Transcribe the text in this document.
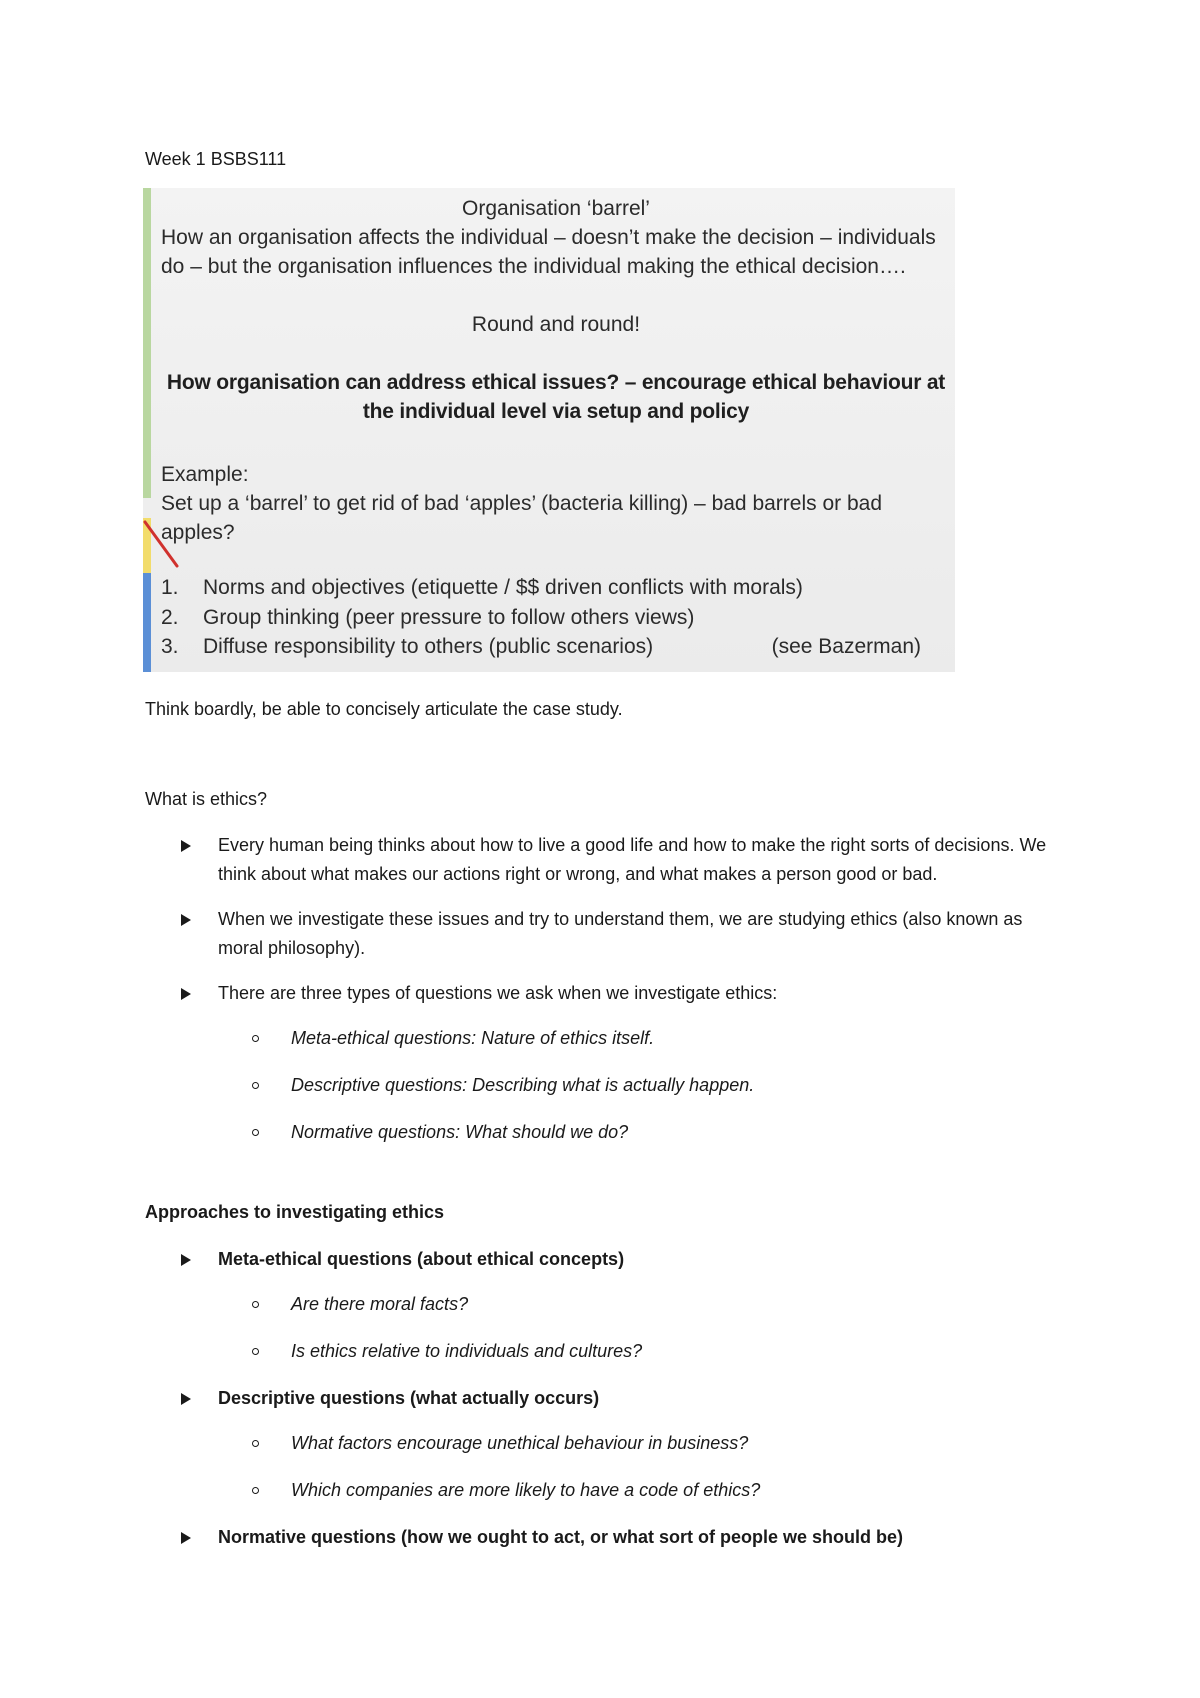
Week 1 BSBS111
Organisation ‘barrel’
How an organisation affects the individual – doesn’t make the decision – individuals do – but the organisation influences the individual making the ethical decision….
Round and round!
How organisation can address ethical issues? – encourage ethical behaviour at the individual level via setup and policy
Example:
Set up a ‘barrel’ to get rid of bad ‘apples’ (bacteria killing) – bad barrels or bad apples?
1. Norms and objectives (etiquette / $$ driven conflicts with morals)
2. Group thinking (peer pressure to follow others views)
3. Diffuse responsibility to others (public scenarios)	(see Bazerman)
Think boardly, be able to concisely articulate the case study.
What is ethics?
Every human being thinks about how to live a good life and how to make the right sorts of decisions. We think about what makes our actions right or wrong, and what makes a person good or bad.
When we investigate these issues and try to understand them, we are studying ethics (also known as moral philosophy).
There are three types of questions we ask when we investigate ethics:
Meta-ethical questions: Nature of ethics itself.
Descriptive questions: Describing what is actually happen.
Normative questions: What should we do?
Approaches to investigating ethics
Meta-ethical questions (about ethical concepts)
Are there moral facts?
Is ethics relative to individuals and cultures?
Descriptive questions (what actually occurs)
What factors encourage unethical behaviour in business?
Which companies are more likely to have a code of ethics?
Normative questions (how we ought to act, or what sort of people we should be)
